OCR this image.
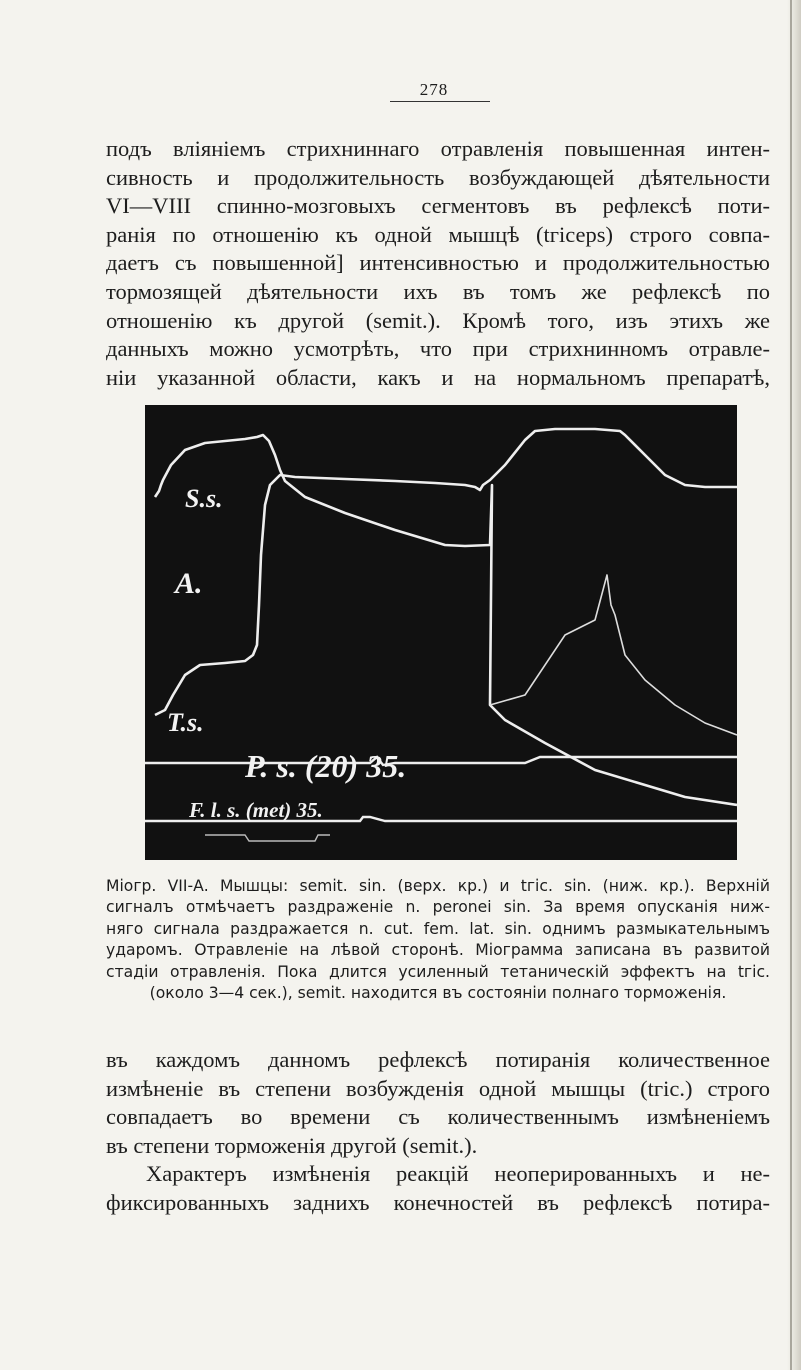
278
подъ вліяніемъ стрихниннаго отравленія повышенная интен-
сивность и продолжительность возбуждающей дѣятельности
VI—VIII спинно-мозговыхъ сегментовъ въ рефлексѣ поти-
ранія по отношенію къ одной мышцѣ (tгісерѕ) строго совпа-
даетъ съ повышенной] интенсивностью и продолжительностью
тормозящей дѣятельности ихъ въ томъ же рефлексѣ по
отношенію къ другой (ѕеmіt.). Кромѣ того, изъ этихъ же
данныхъ можно усмотрѣть, что при стрихнинномъ отравле-
ніи указанной области, какъ и на нормальномъ препаратѣ,
S.s.
A.
T.s.
P. s. (20) 35.
F. l. s. (met) 35.
Міогр. VII-А. Мышцы: ѕеmіt. ѕіn. (верх. кр.) и tгіc. ѕіn. (ниж. кр.). Верхній
сигналъ отмѣчаетъ раздраженіе n. peronei ѕіn. За время опусканія ниж-
няго сигнала раздражается n. cut. fem. lat. ѕіn. однимъ размыкательнымъ
ударомъ. Отравленіе на лѣвой сторонѣ. Міограмма записана въ развитой
стадіи отравленія. Пока длится усиленный тетаническій эффектъ на tгіc.
(около 3—4 сек.), ѕеmіt. находится въ состояніи полнаго торможенія.
въ каждомъ данномъ рефлексѣ потиранія количественное
измѣненіе въ степени возбужденія одной мышцы (tгіc.) строго
совпадаетъ во времени съ количественнымъ измѣненіемъ
въ степени торможенія другой (ѕеmіt.).
Характеръ измѣненія реакцій неоперированныхъ и не-
фиксированныхъ заднихъ конечностей въ рефлексѣ потира-
